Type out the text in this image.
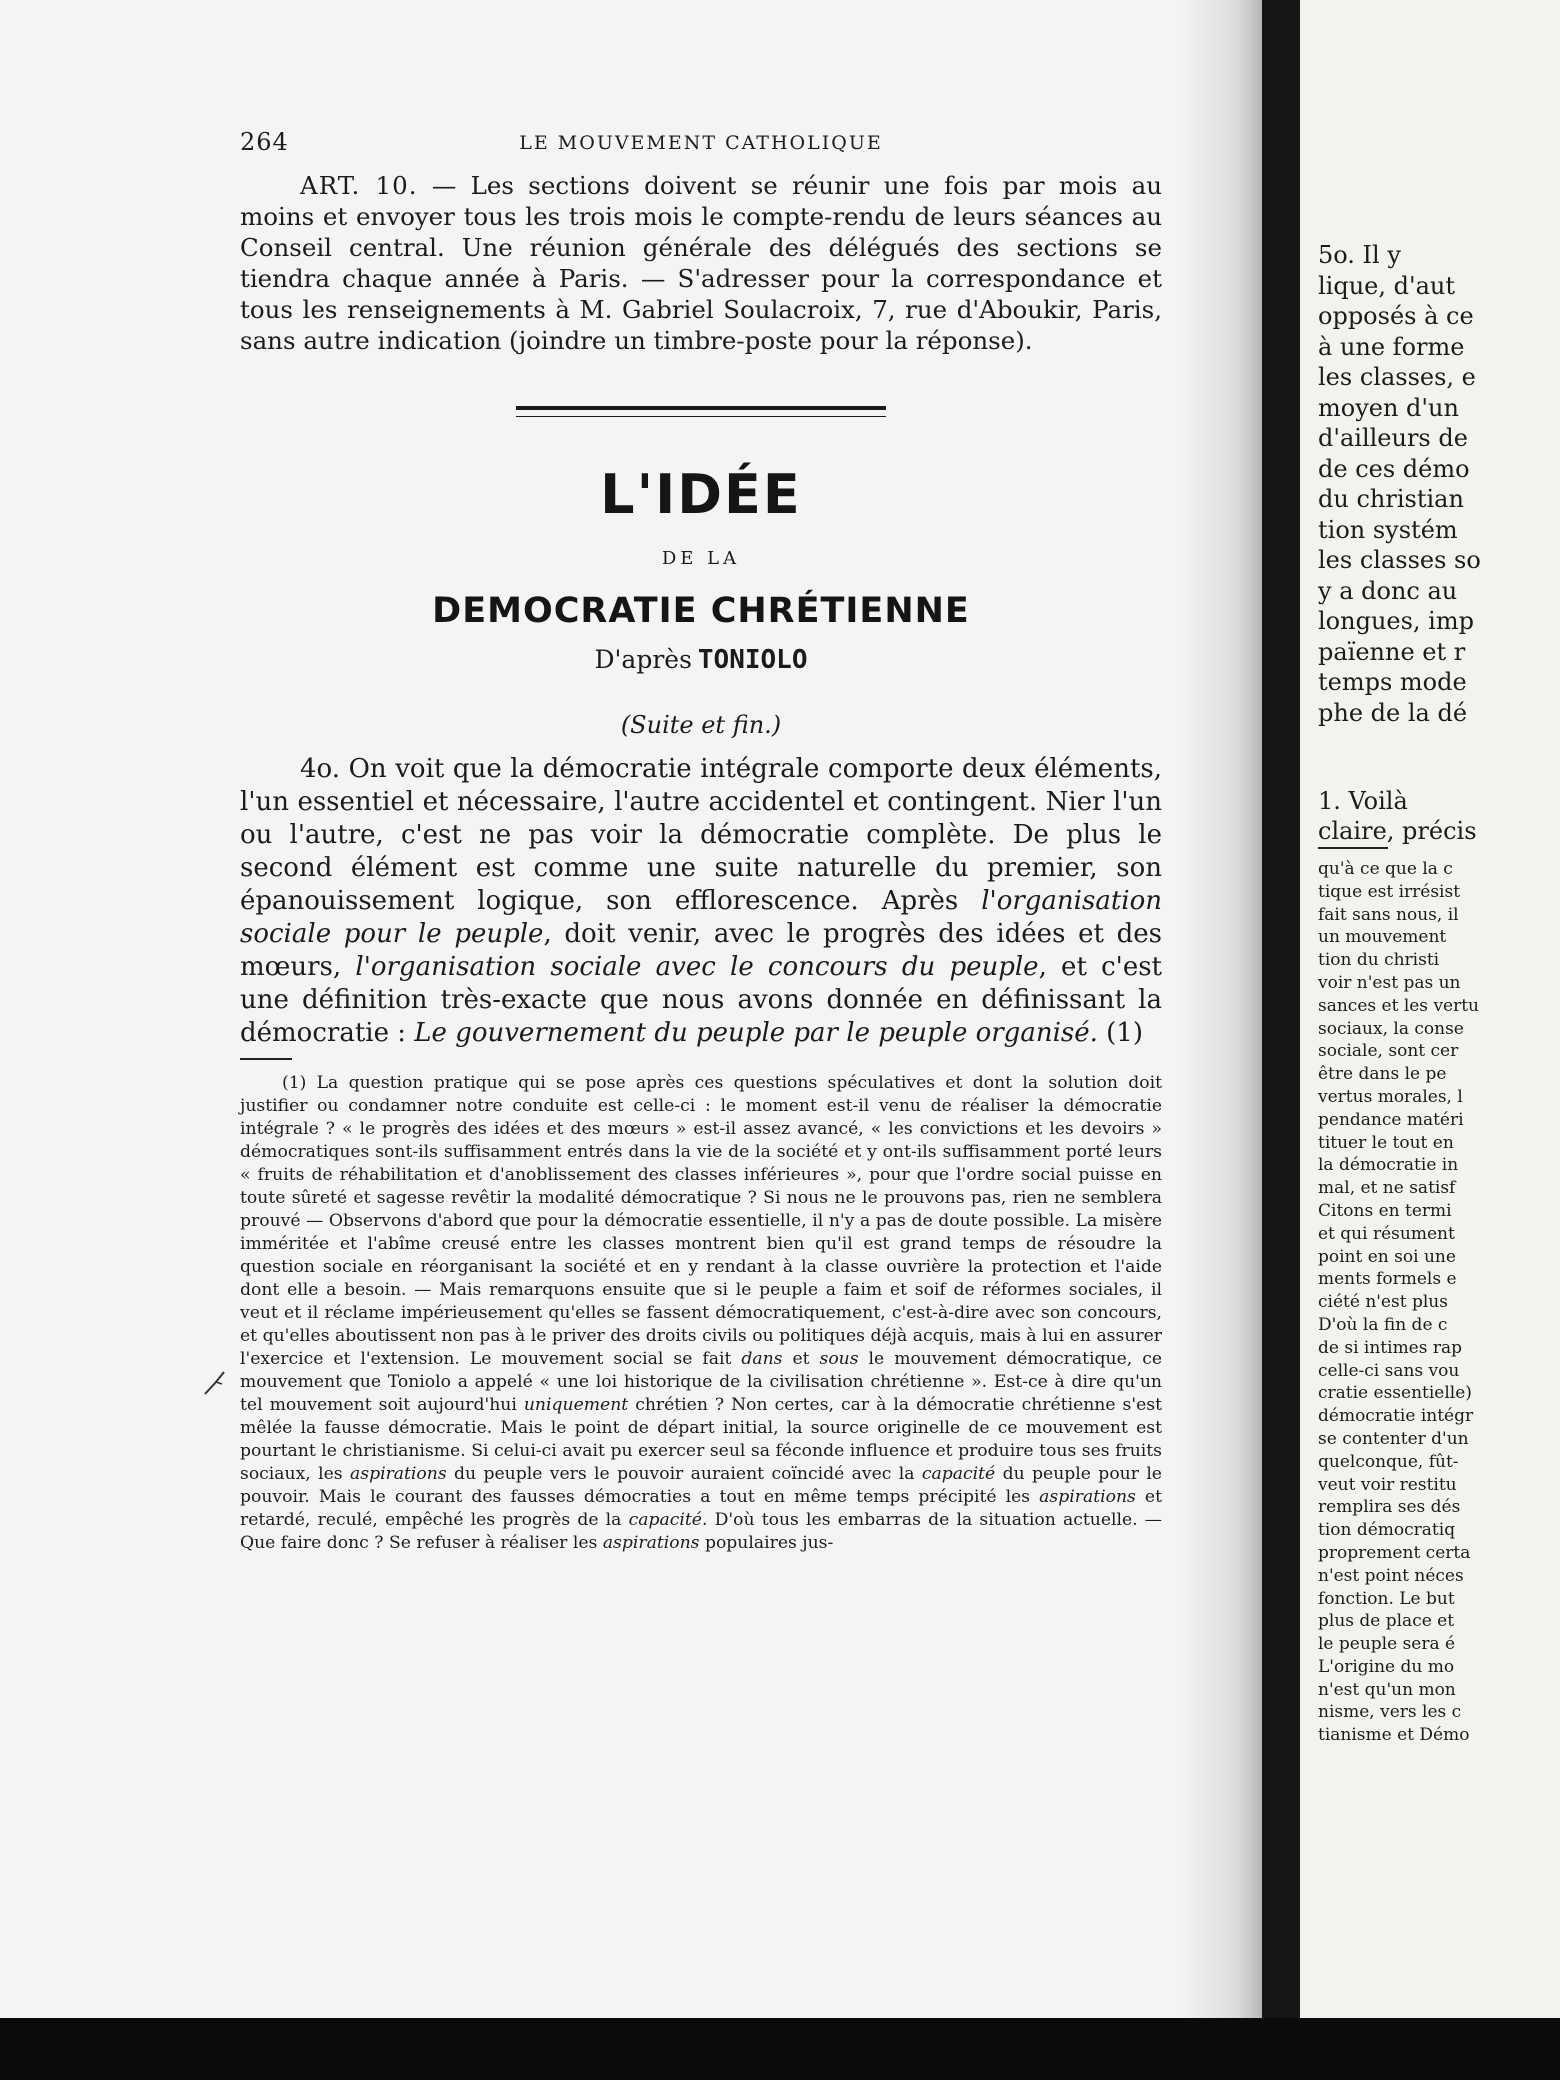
264	LE MOUVEMENT CATHOLIQUE

ART. 10. — Les sections doivent se réunir une fois par mois au moins et envoyer tous les trois mois le compte-rendu de leurs séances au Conseil central. Une réunion générale des délégués des sections se tiendra chaque année à Paris. — S'adresser pour la correspondance et tous les renseignements à M. Gabriel Soulacroix, 7, rue d'Aboukir, Paris, sans autre indication (joindre un timbre-poste pour la réponse).

L'IDÉE
DE LA
DEMOCRATIE CHRÉTIENNE
D'après TONIOLO
(Suite et fin.)

4o. On voit que la démocratie intégrale comporte deux éléments, l'un essentiel et nécessaire, l'autre accidentel et contingent. Nier l'un ou l'autre, c'est ne pas voir la démocratie complète. De plus le second élément est comme une suite naturelle du premier, son épanouissement logique, son efflorescence. Après l'organisation sociale pour le peuple, doit venir, avec le progrès des idées et des mœurs, l'organisation sociale avec le concours du peuple, et c'est une définition très-exacte que nous avons donnée en définissant la démocratie : Le gouvernement du peuple par le peuple organisé. (1)

(1) La question pratique qui se pose après ces questions spéculatives et dont la solution doit justifier ou condamner notre conduite est celle-ci : le moment est-il venu de réaliser la démocratie intégrale ? « le progrès des idées et des mœurs » est-il assez avancé, « les convictions et les devoirs » démocratiques sont-ils suffisamment entrés dans la vie de la société et y ont-ils suffisamment porté leurs « fruits de réhabilitation et d'anoblissement des classes inférieures », pour que l'ordre social puisse en toute sûreté et sagesse revêtir la modalité démocratique ? Si nous ne le prouvons pas, rien ne semblera prouvé — Observons d'abord que pour la démocratie essentielle, il n'y a pas de doute possible. La misère imméritée et l'abîme creusé entre les classes montrent bien qu'il est grand temps de résoudre la question sociale en réorganisant la société et en y rendant à la classe ouvrière la protection et l'aide dont elle a besoin. — Mais remarquons ensuite que si le peuple a faim et soif de réformes sociales, il veut et il réclame impérieusement qu'elles se fassent démocratiquement, c'est-à-dire avec son concours, et qu'elles aboutissent non pas à le priver des droits civils ou politiques déjà acquis, mais à lui en assurer l'exercice et l'extension. Le mouvement social se fait dans et sous le mouvement démocratique, ce mouvement que Toniolo a appelé « une loi historique de la civilisation chrétienne ». Est-ce à dire qu'un tel mouvement soit aujourd'hui uniquement chrétien ? Non certes, car à la démocratie chrétienne s'est mêlée la fausse démocratie. Mais le point de départ initial, la source originelle de ce mouvement est pourtant le christianisme. Si celui-ci avait pu exercer seul sa féconde influence et produire tous ses fruits sociaux, les aspirations du peuple vers le pouvoir auraient coïncidé avec la capacité du peuple pour le pouvoir. Mais le courant des fausses démocraties a tout en même temps précipité les aspirations et retardé, reculé, empêché les progrès de la capacité. D'où tous les embarras de la situation actuelle. — Que faire donc ? Se refuser à réaliser les aspirations populaires jus-

5o. Il y
lique, d'aut
opposés à ce
à une forme
les classes, e
moyen d'un
d'ailleurs de
de ces démo
du christian
tion systém
les classes so
y a donc au
longues, imp
païenne et r
temps mode
phe de la dé
1. Voilà
claire, précis
qu'à ce que la c
tique est irrésist
fait sans nous, il
un mouvement
tion du christi
voir n'est pas un
sances et les vertu
sociaux, la conse
sociale, sont cer
être dans le pe
vertus morales, l
pendance matéri
tituer le tout en
la démocratie in
mal, et ne satisf
Citons en termi
et qui résument
point en soi une
ments formels e
ciété n'est plus
D'où la fin de c
de si intimes rap
celle-ci sans vou
cratie essentielle)
démocratie intégr
se contenter d'un
quelconque, fût-
veut voir restitu
remplira ses dés
tion démocratiq
proprement certa
n'est point néces
fonction. Le but
plus de place et
le peuple sera é
L'origine du mo
n'est qu'un mon
nisme, vers les c
tianisme et Démo
